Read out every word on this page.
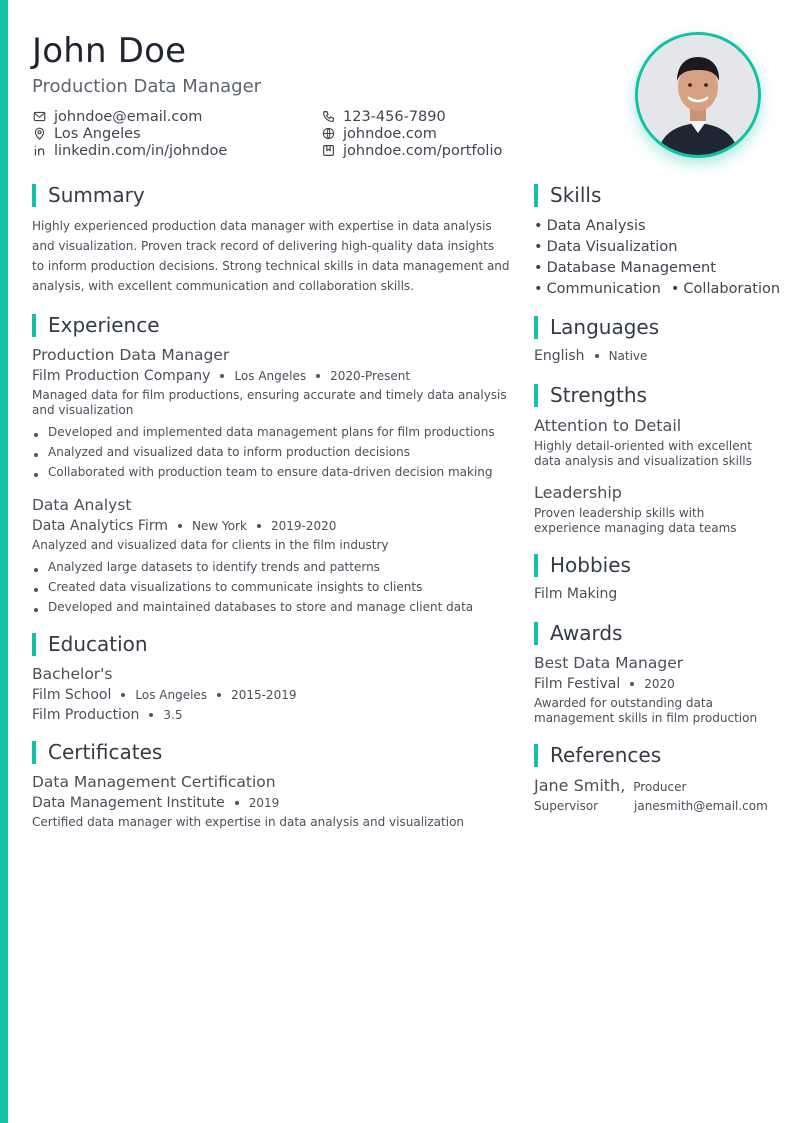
John Doe
Production Data Manager
johndoe@email.com	123-456-7890
Los Angeles	johndoe.com
linkedin.com/in/johndoe	johndoe.com/portfolio
Summary

Highly experienced production data manager with expertise in data analysis and visualization. Proven track record of delivering high-quality data insights to inform production decisions. Strong technical skills in data management and analysis, with excellent communication and collaboration skills.

Experience
Production Data Manager
Film Production Company Los Angeles 2020-Present
Managed data for film productions, ensuring accurate and timely data analysis and visualization
Developed and implemented data management plans for film productions
Analyzed and visualized data to inform production decisions
Collaborated with production team to ensure data-driven decision making
Data Analyst
Data Analytics Firm New York 2019-2020
Analyzed and visualized data for clients in the film industry
Analyzed large datasets to identify trends and patterns
Created data visualizations to communicate insights to clients
Developed and maintained databases to store and manage client data
Education
Bachelor's
Film School Los Angeles 2015-2019
Film Production 3.5
Certificates
Data Management Certification
Data Management Institute 2019
Certified data manager with expertise in data analysis and visualization
Skills
• Data Analysis
• Data Visualization
• Database Management
• Communication • Collaboration
Languages
English Native
Strengths
Attention to Detail
Highly detail-oriented with excellent data analysis and visualization skills
Leadership
Proven leadership skills with experience managing data teams
Hobbies
Film Making
Awards
Best Data Manager
Film Festival 2020
Awarded for outstanding data management skills in film production
References
Jane Smith, Producer
Supervisor	janesmith@email.com
